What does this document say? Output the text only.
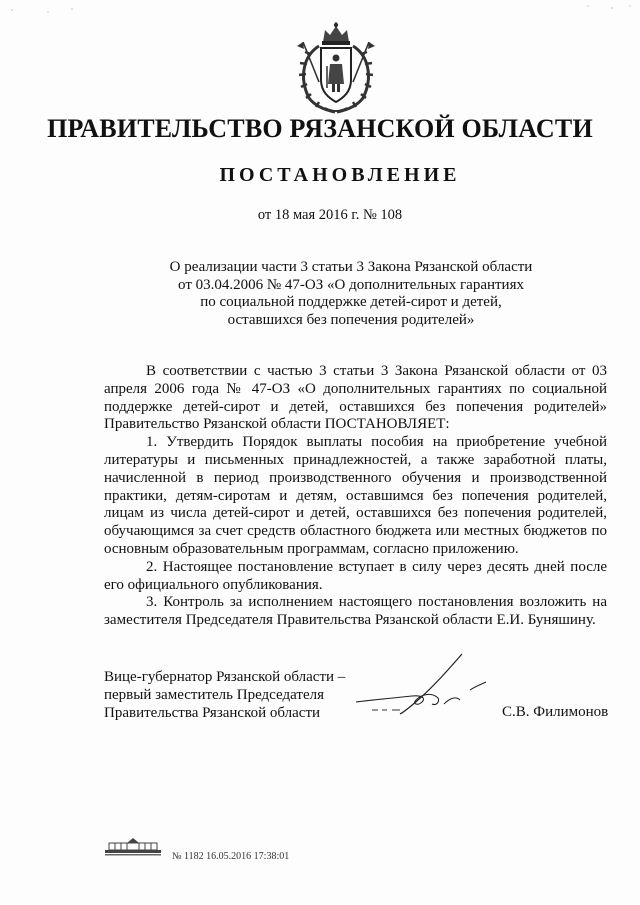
ПРАВИТЕЛЬСТВО РЯЗАНСКОЙ ОБЛАСТИ
ПОСТАНОВЛЕНИЕ
от 18 мая 2016 г. № 108
О реализации части 3 статьи 3 Закона Рязанской области
от 03.04.2006 № 47-ОЗ «О дополнительных гарантиях
по социальной поддержке детей-сирот и детей,
оставшихся без попечения родителей»

В соответствии с частью 3 статьи 3 Закона Рязанской области от 03 апреля 2006 года № 47-ОЗ «О дополнительных гарантиях по социальной поддержке детей-сирот и детей, оставшихся без попечения родителей» Правительство Рязанской области ПОСТАНОВЛЯЕТ:

1. Утвердить Порядок выплаты пособия на приобретение учебной литературы и письменных принадлежностей, а также заработной платы, начисленной в период производственного обучения и производственной практики, детям-сиротам и детям, оставшимся без попечения родителей, лицам из числа детей-сирот и детей, оставшихся без попечения родителей, обучающимся за счет средств областного бюджета или местных бюджетов по основным образовательным программам, согласно приложению.

2. Настоящее постановление вступает в силу через десять дней после его официального опубликования.

3. Контроль за исполнением настоящего постановления возложить на заместителя Председателя Правительства Рязанской области Е.И. Буняшину.

Вице-губернатор Рязанской области –
первый заместитель Председателя
Правительства Рязанской области	С.В. Филимонов
№ 1182 16.05.2016 17:38:01
